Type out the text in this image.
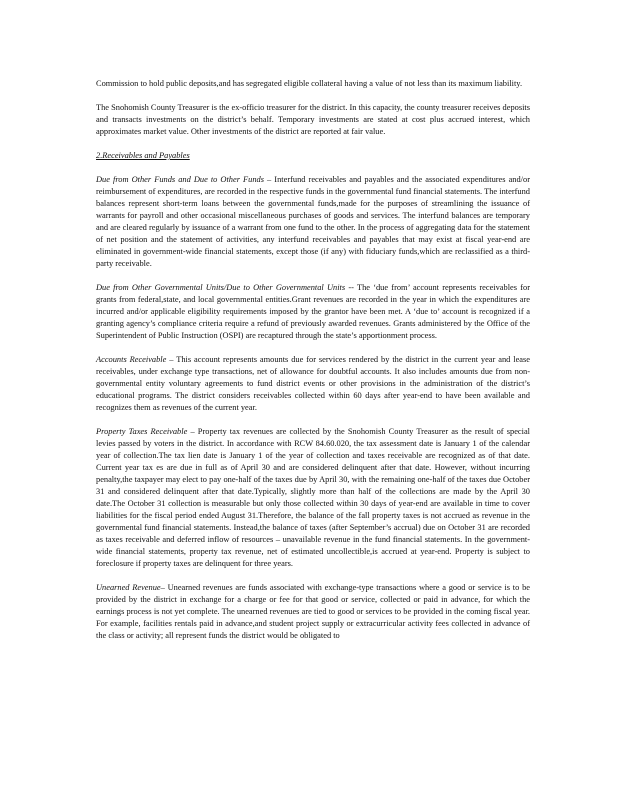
Commission to hold public deposits,and has segregated eligible collateral having a value of not less than its maximum liability.

The Snohomish County Treasurer is the ex-officio treasurer for the district. In this capacity, the county treasurer receives deposits and transacts investments on the district’s behalf. Temporary investments are stated at cost plus accrued interest, which approximates market value. Other investments of the district are reported at fair value.

2.Receivables and Payables

Due from Other Funds and Due to Other Funds – Interfund receivables and payables and the associated expenditures and/or reimbursement of expenditures, are recorded in the respective funds in the governmental fund financial statements. The interfund balances represent short-term loans between the governmental funds,made for the purposes of streamlining the issuance of warrants for payroll and other occasional miscellaneous purchases of goods and services. The interfund balances are temporary and are cleared regularly by issuance of a warrant from one fund to the other. In the process of aggregating data for the statement of net position and the statement of activities, any interfund receivables and payables that may exist at fiscal year-end are eliminated in government-wide financial statements, except those (if any) with fiduciary funds,which are reclassified as a third-party receivable.

Due from Other Governmental Units/Due to Other Governmental Units -- The ‘due from’ account represents receivables for grants from federal,state, and local governmental entities.Grant revenues are recorded in the year in which the expenditures are incurred and/or applicable eligibility requirements imposed by the grantor have been met. A ‘due to’ account is recognized if a granting agency’s compliance criteria require a refund of previously awarded revenues. Grants administered by the Office of the Superintendent of Public Instruction (OSPI) are recaptured through the state’s apportionment process.

Accounts Receivable – This account represents amounts due for services rendered by the district in the current year and lease receivables, under exchange type transactions, net of allowance for doubtful accounts. It also includes amounts due from non-governmental entity voluntary agreements to fund district events or other provisions in the administration of the district’s educational programs. The district considers receivables collected within 60 days after year-end to have been available and recognizes them as revenues of the current year.

Property Taxes Receivable – Property tax revenues are collected by the Snohomish County Treasurer as the result of special levies passed by voters in the district. In accordance with RCW 84.60.020, the tax assessment date is January 1 of the calendar year of collection.The tax lien date is January 1 of the year of collection and taxes receivable are recognized as of that date. Current year tax es are due in full as of April 30 and are considered delinquent after that date. However, without incurring penalty,the taxpayer may elect to pay one-half of the taxes due by April 30, with the remaining one-half of the taxes due October 31 and considered delinquent after that date.Typically, slightly more than half of the collections are made by the April 30 date.The October 31 collection is measurable but only those collected within 30 days of year-end are available in time to cover liabilities for the fiscal period ended August 31.Therefore, the balance of the fall property taxes is not accrued as revenue in the governmental fund financial statements. Instead,the balance of taxes (after September’s accrual) due on October 31 are recorded as taxes receivable and deferred inflow of resources – unavailable revenue in the fund financial statements. In the government-wide financial statements, property tax revenue, net of estimated uncollectible,is accrued at year-end. Property is subject to foreclosure if property taxes are delinquent for three years.

Unearned Revenue– Unearned revenues are funds associated with exchange-type transactions where a good or service is to be provided by the district in exchange for a charge or fee for that good or service, collected or paid in advance, for which the earnings process is not yet complete. The unearned revenues are tied to good or services to be provided in the coming fiscal year. For example, facilities rentals paid in advance,and student project supply or extracurricular activity fees collected in advance of the class or activity; all represent funds the district would be obligated to
